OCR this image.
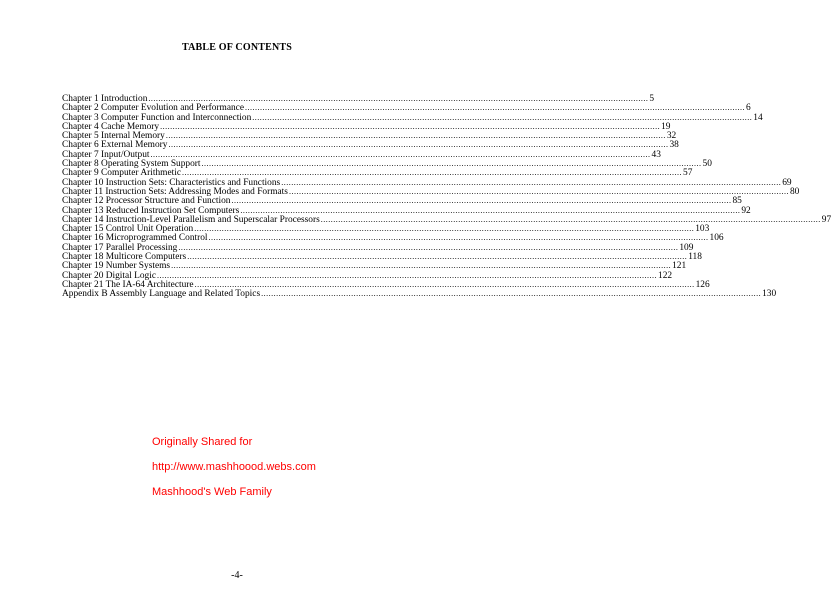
TABLE OF CONTENTS
Chapter 1 Introduction ........................................................................................................................................................................................................ 5
Chapter 2 Computer Evolution and Performance ........................................................................................................................................................................................................ 6
Chapter 3 Computer Function and Interconnection ........................................................................................................................................................................................................ 14
Chapter 4 Cache Memory ........................................................................................................................................................................................................ 19
Chapter 5 Internal Memory ........................................................................................................................................................................................................ 32
Chapter 6 External Memory ........................................................................................................................................................................................................ 38
Chapter 7 Input/Output ........................................................................................................................................................................................................ 43
Chapter 8 Operating System Support ........................................................................................................................................................................................................ 50
Chapter 9 Computer Arithmetic ........................................................................................................................................................................................................ 57
Chapter 10 Instruction Sets: Characteristics and Functions ........................................................................................................................................................................................................ 69
Chapter 11 Instruction Sets: Addressing Modes and Formats ........................................................................................................................................................................................................ 80
Chapter 12 Processor Structure and Function ........................................................................................................................................................................................................ 85
Chapter 13 Reduced Instruction Set Computers ........................................................................................................................................................................................................ 92
Chapter 14 Instruction-Level Parallelism and Superscalar Processors ........................................................................................................................................................................................................ 97
Chapter 15 Control Unit Operation ........................................................................................................................................................................................................ 103
Chapter 16 Microprogrammed Control ........................................................................................................................................................................................................ 106
Chapter 17 Parallel Processing ........................................................................................................................................................................................................ 109
Chapter 18 Multicore Computers ........................................................................................................................................................................................................ 118
Chapter 19 Number Systems ........................................................................................................................................................................................................ 121
Chapter 20 Digital Logic ........................................................................................................................................................................................................ 122
Chapter 21 The IA-64 Architecture ........................................................................................................................................................................................................ 126
Appendix B Assembly Language and Related Topics ........................................................................................................................................................................................................ 130
Originally Shared for
http://www.mashhoood.webs.com
Mashhood's Web Family
-4-
